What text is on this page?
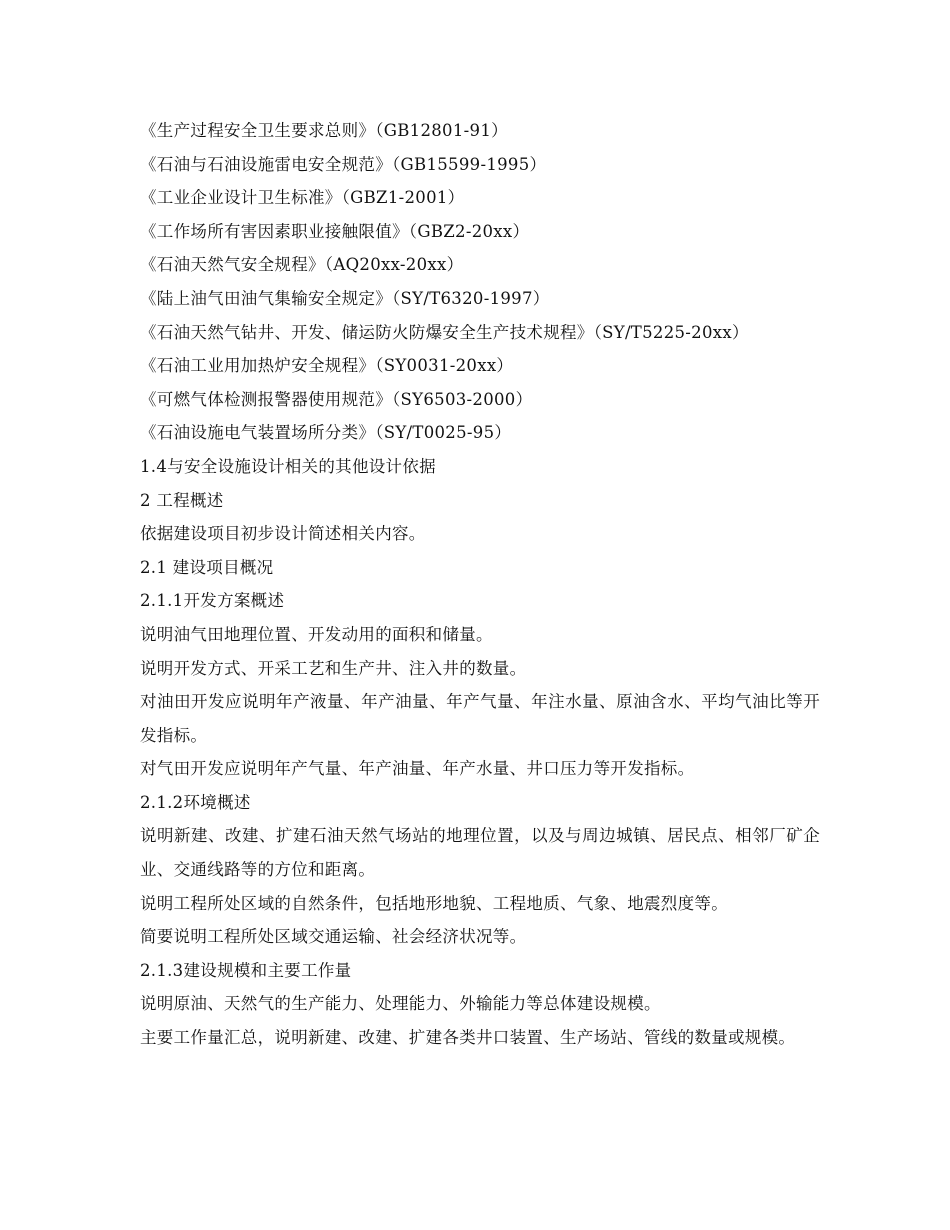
《生产过程安全卫生要求总则》（GB12801-91）
《石油与石油设施雷电安全规范》（GB15599-1995）
《工业企业设计卫生标准》（GBZ1-2001）
《工作场所有害因素职业接触限值》（GBZ2-20xx）
《石油天然气安全规程》（AQ20xx-20xx）
《陆上油气田油气集输安全规定》（SY/T6320-1997）
《石油天然气钻井、开发、储运防火防爆安全生产技术规程》（SY/T5225-20xx）
《石油工业用加热炉安全规程》（SY0031-20xx）
《可燃气体检测报警器使用规范》（SY6503-2000）
《石油设施电气装置场所分类》（SY/T0025-95）
1.4与安全设施设计相关的其他设计依据
2 工程概述
依据建设项目初步设计简述相关内容。
2.1 建设项目概况
2.1.1开发方案概述
说明油气田地理位置、开发动用的面积和储量。
说明开发方式、开采工艺和生产井、注入井的数量。
对油田开发应说明年产液量、年产油量、年产气量、年注水量、原油含水、平均气油比等开发指标。
对气田开发应说明年产气量、年产油量、年产水量、井口压力等开发指标。
2.1.2环境概述
说明新建、改建、扩建石油天然气场站的地理位置，以及与周边城镇、居民点、相邻厂矿企业、交通线路等的方位和距离。
说明工程所处区域的自然条件，包括地形地貌、工程地质、气象、地震烈度等。
简要说明工程所处区域交通运输、社会经济状况等。
2.1.3建设规模和主要工作量
说明原油、天然气的生产能力、处理能力、外输能力等总体建设规模。
主要工作量汇总，说明新建、改建、扩建各类井口装置、生产场站、管线的数量或规模。
